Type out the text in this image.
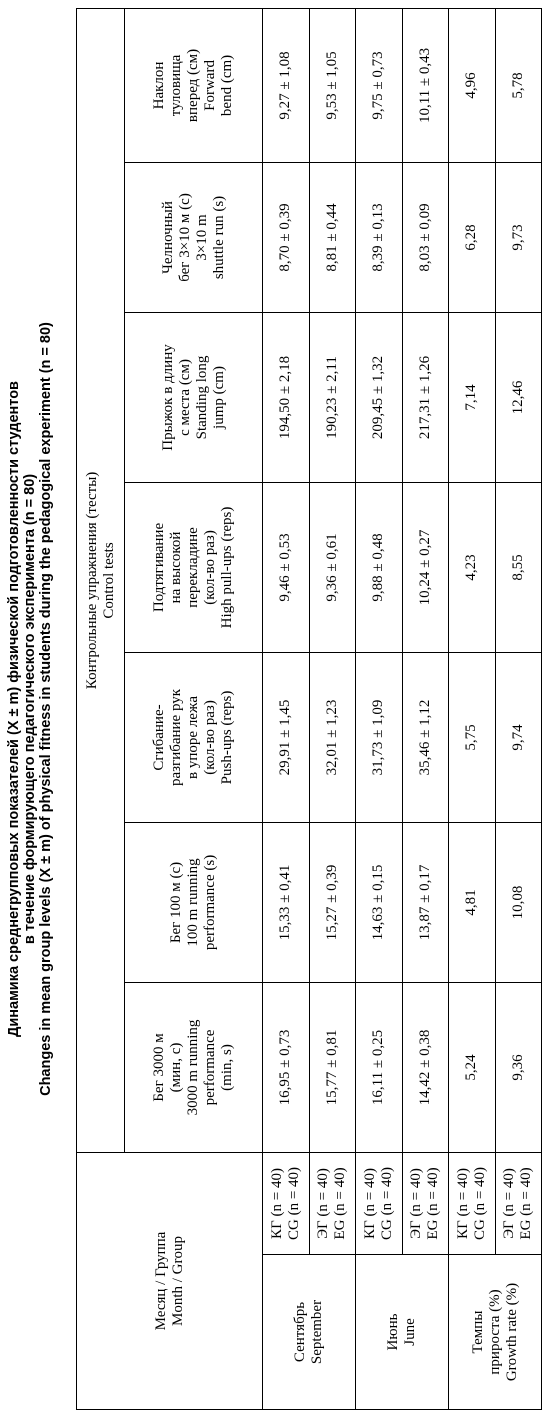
Динамика среднегрупповых показателей (X ± m) физической подготовленности студентов в течение формирующего педагогического эксперимента (n = 80) Changes in mean group levels (X ± m) of physical fitness in students during the pedagogical experiment (n = 80)
Месяц / Группа Month / Group		Контрольные упражнения (тесты) Control tests						

		Бег 3000 м (мин, с) 3000 m running performance (min, s)	Бег 100 м (с) 100 m running performance (s)	Сгибание- разгибание рук в упоре лежа (кол-во раз) Push-ups (reps)	Подтягивание на высокой перекладине (кол-во раз) High pull-ups (reps)	Прыжок в длину с места (см) Standing long jump (cm)	Челночный бег 3×10 м (с) 3×10 m shuttle run (s)	Наклон туловища вперед (см) Forward bend (cm)

Сентябрь September	КГ (n = 40) CG (n = 40)	16,95 ± 0,73	15,33 ± 0,41	29,91 ± 1,45	9,46 ± 0,53	194,50 ± 2,18	8,70 ± 0,39	9,27 ± 1,08

	ЭГ (n = 40) EG (n = 40)	15,77 ± 0,81	15,27 ± 0,39	32,01 ± 1,23	9,36 ± 0,61	190,23 ± 2,11	8,81 ± 0,44	9,53 ± 1,05

Июнь June	КГ (n = 40) CG (n = 40)	16,11 ± 0,25	14,63 ± 0,15	31,73 ± 1,09	9,88 ± 0,48	209,45 ± 1,32	8,39 ± 0,13	9,75 ± 0,73

	ЭГ (n = 40) EG (n = 40)	14,42 ± 0,38	13,87 ± 0,17	35,46 ± 1,12	10,24 ± 0,27	217,31 ± 1,26	8,03 ± 0,09	10,11 ± 0,43

Темпы прироста (%) Growth rate (%)	КГ (n = 40) CG (n = 40)	5,24	4,81	5,75	4,23	7,14	6,28	4,96

	ЭГ (n = 40) EG (n = 40)	9,36	10,08	9,74	8,55	12,46	9,73	5,78
